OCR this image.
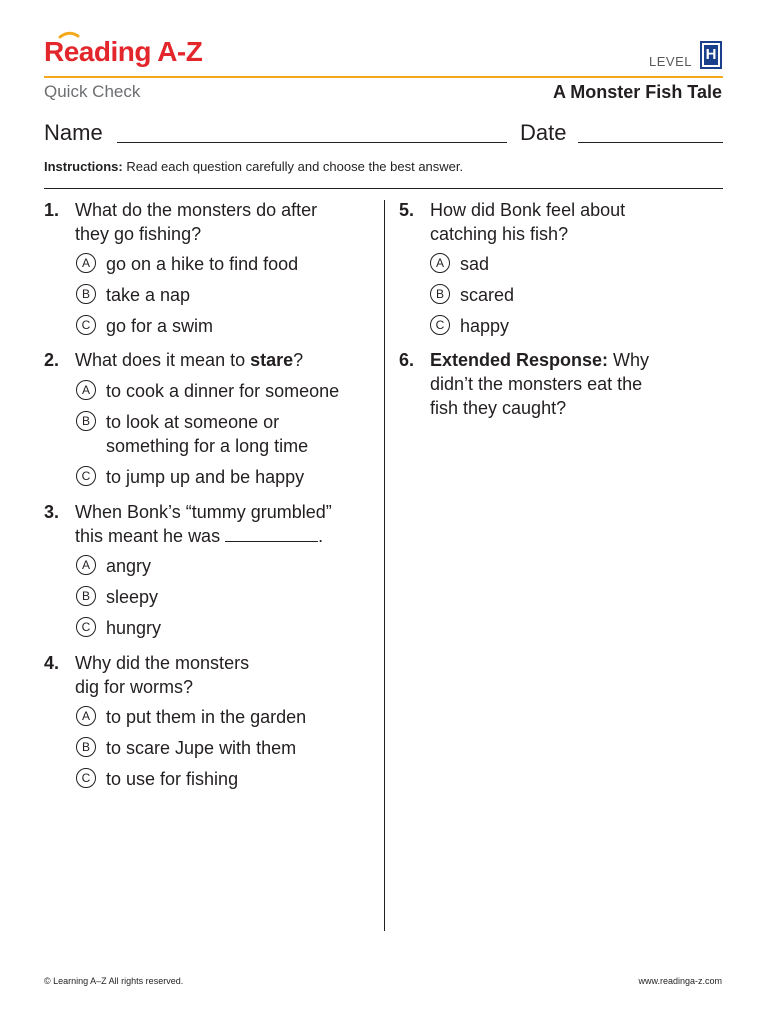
Reading A-Z	LEVEL H
Quick Check	A Monster Fish Tale
Name	Date
Instructions: Read each question carefully and choose the best answer.
1. What do the monsters do after
they go fishing?
A go on a hike to find food
B take a nap
C go for a swim
2. What does it mean to stare?
A to cook a dinner for someone
B to look at someone or
something for a long time
C to jump up and be happy
3. When Bonk’s “tummy grumbled”
this meant he was	.
A angry
B sleepy
C hungry
4. Why did the monsters
dig for worms?
A to put them in the garden
B to scare Jupe with them
C to use for fishing
5. How did Bonk feel about
catching his fish?
A sad
B scared
C happy
6. Extended Response: Why
didn’t the monsters eat the
fish they caught?
© Learning A–Z All rights reserved.	www.readinga-z.com
